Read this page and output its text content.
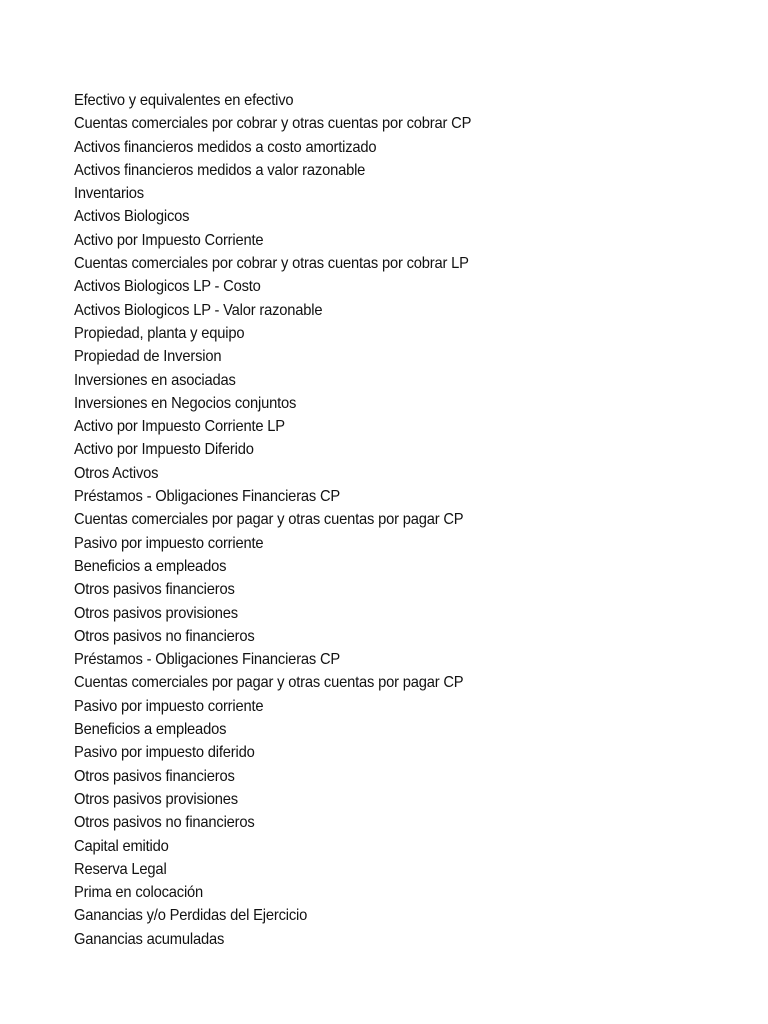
Efectivo y equivalentes en efectivo
Cuentas comerciales por cobrar y otras cuentas por cobrar CP
Activos financieros medidos a costo amortizado
Activos financieros medidos a valor razonable
Inventarios
Activos Biologicos
Activo por Impuesto Corriente
Cuentas comerciales por cobrar y otras cuentas por cobrar LP
Activos Biologicos LP - Costo
Activos Biologicos LP - Valor razonable
Propiedad, planta y equipo
Propiedad de Inversion
Inversiones en asociadas
Inversiones en Negocios conjuntos
Activo por Impuesto Corriente LP
Activo por Impuesto Diferido
Otros Activos
Préstamos - Obligaciones Financieras CP
Cuentas comerciales por pagar y otras cuentas por pagar CP
Pasivo por impuesto corriente
Beneficios a empleados
Otros pasivos financieros
Otros pasivos provisiones
Otros pasivos no financieros
Préstamos - Obligaciones Financieras CP
Cuentas comerciales por pagar y otras cuentas por pagar CP
Pasivo por impuesto corriente
Beneficios a empleados
Pasivo por impuesto diferido
Otros pasivos financieros
Otros pasivos provisiones
Otros pasivos no financieros
Capital emitido
Reserva Legal
Prima en colocación
Ganancias y/o Perdidas del Ejercicio
Ganancias acumuladas
